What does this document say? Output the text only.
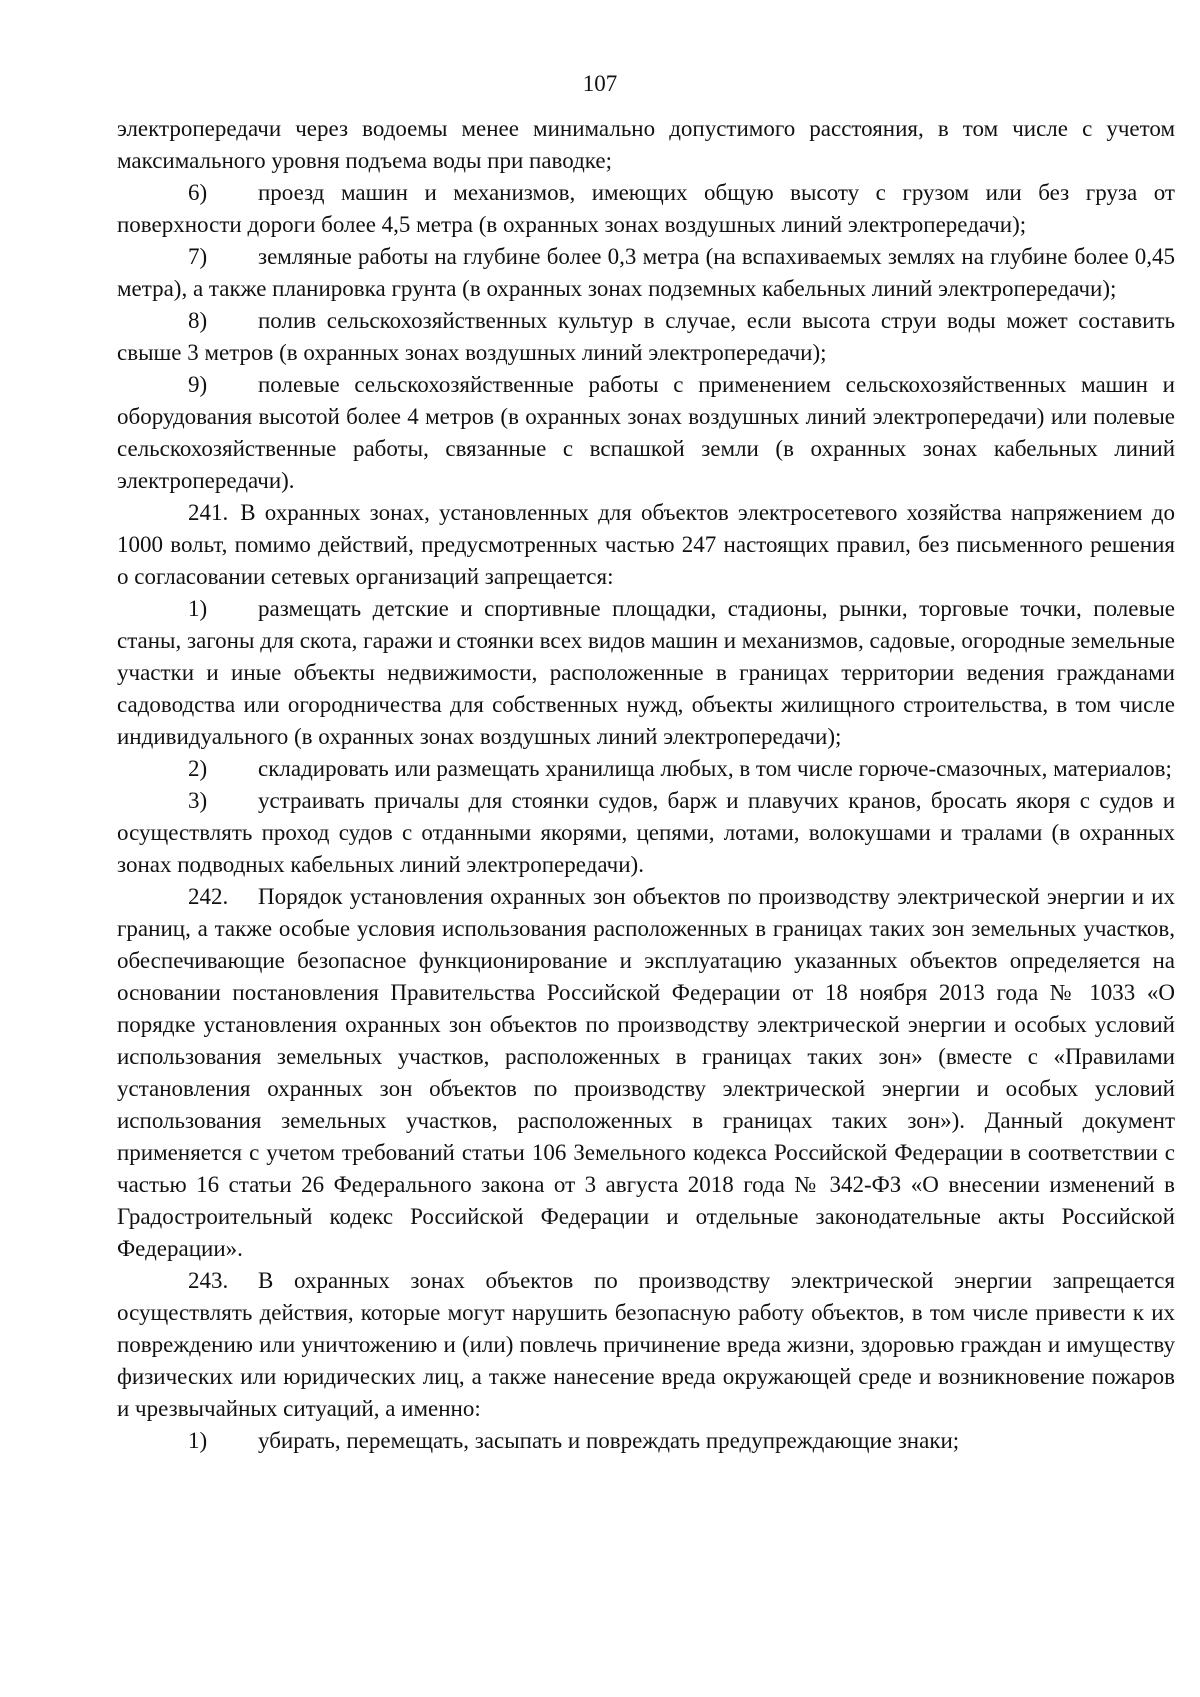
107

электропередачи через водоемы менее минимально допустимого расстояния, в том числе с учетом максимального уровня подъема воды при паводке;

6) проезд машин и механизмов, имеющих общую высоту с грузом или без груза от поверхности дороги более 4,5 метра (в охранных зонах воздушных линий электропередачи);

7) земляные работы на глубине более 0,3 метра (на вспахиваемых землях на глубине более 0,45 метра), а также планировка грунта (в охранных зонах подземных кабельных линий электропередачи);

8) полив сельскохозяйственных культур в случае, если высота струи воды может составить свыше 3 метров (в охранных зонах воздушных линий электропередачи);

9) полевые сельскохозяйственные работы с применением сельскохозяйственных машин и оборудования высотой более 4 метров (в охранных зонах воздушных линий электропередачи) или полевые сельскохозяйственные работы, связанные с вспашкой земли (в охранных зонах кабельных линий электропередачи).

241. В охранных зонах, установленных для объектов электросетевого хозяйства напряжением до 1000 вольт, помимо действий, предусмотренных частью 247 настоящих правил, без письменного решения о согласовании сетевых организаций запрещается:

1) размещать детские и спортивные площадки, стадионы, рынки, торговые точки, полевые станы, загоны для скота, гаражи и стоянки всех видов машин и механизмов, садовые, огородные земельные участки и иные объекты недвижимости, расположенные в границах территории ведения гражданами садоводства или огородничества для собственных нужд, объекты жилищного строительства, в том числе индивидуального (в охранных зонах воздушных линий электропередачи);

2) складировать или размещать хранилища любых, в том числе горюче-смазочных, материалов;

3) устраивать причалы для стоянки судов, барж и плавучих кранов, бросать якоря с судов и осуществлять проход судов с отданными якорями, цепями, лотами, волокушами и тралами (в охранных зонах подводных кабельных линий электропередачи).

242. Порядок установления охранных зон объектов по производству электрической энергии и их границ, а также особые условия использования расположенных в границах таких зон земельных участков, обеспечивающие безопасное функционирование и эксплуатацию указанных объектов определяется на основании постановления Правительства Российской Федерации от 18 ноября 2013 года № 1033 «О порядке установления охранных зон объектов по производству электрической энергии и особых условий использования земельных участков, расположенных в границах таких зон» (вместе с «Правилами установления охранных зон объектов по производству электрической энергии и особых условий использования земельных участков, расположенных в границах таких зон»). Данный документ применяется с учетом требований статьи 106 Земельного кодекса Российской Федерации в соответствии с частью 16 статьи 26 Федерального закона от 3 августа 2018 года № 342-ФЗ «О внесении изменений в Градостроительный кодекс Российской Федерации и отдельные законодательные акты Российской Федерации».

243. В охранных зонах объектов по производству электрической энергии запрещается осуществлять действия, которые могут нарушить безопасную работу объектов, в том числе привести к их повреждению или уничтожению и (или) повлечь причинение вреда жизни, здоровью граждан и имуществу физических или юридических лиц, а также нанесение вреда окружающей среде и возникновение пожаров и чрезвычайных ситуаций, а именно:

1) убирать, перемещать, засыпать и повреждать предупреждающие знаки;
